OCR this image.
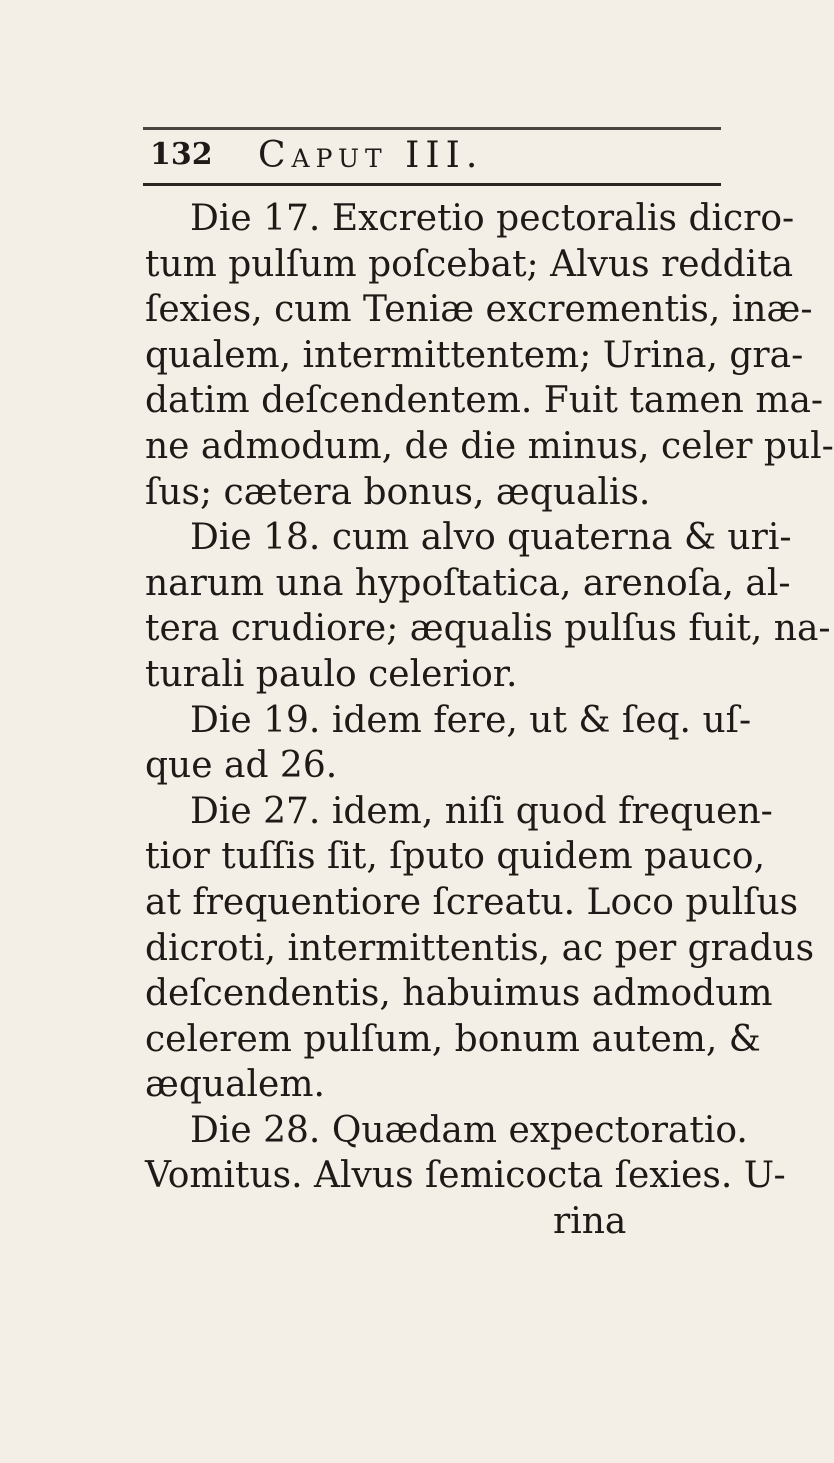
132 Caput III.
Die 17. Excretio pectoralis dicro-
tum pulſum poſcebat; Alvus reddita
ſexies, cum Teniæ excrementis, inæ-
qualem, intermittentem; Urina, gra-
datim deſcendentem. Fuit tamen ma-
ne admodum, de die minus, celer pul-
ſus; cætera bonus, æqualis.
Die 18. cum alvo quaterna & uri-
narum una hypoſtatica, arenoſa, al-
tera crudiore; æqualis pulſus fuit, na-
turali paulo celerior.
Die 19. idem fere, ut & ſeq. uſ-
que ad 26.
Die 27. idem, niſi quod frequen-
tior tuſſis ſit, ſputo quidem pauco,
at frequentiore ſcreatu. Loco pulſus
dicroti, intermittentis, ac per gradus
deſcendentis, habuimus admodum
celerem pulſum, bonum autem, &
æqualem.
Die 28. Quædam expectoratio.
Vomitus. Alvus ſemicocta ſexies. U-
rina
